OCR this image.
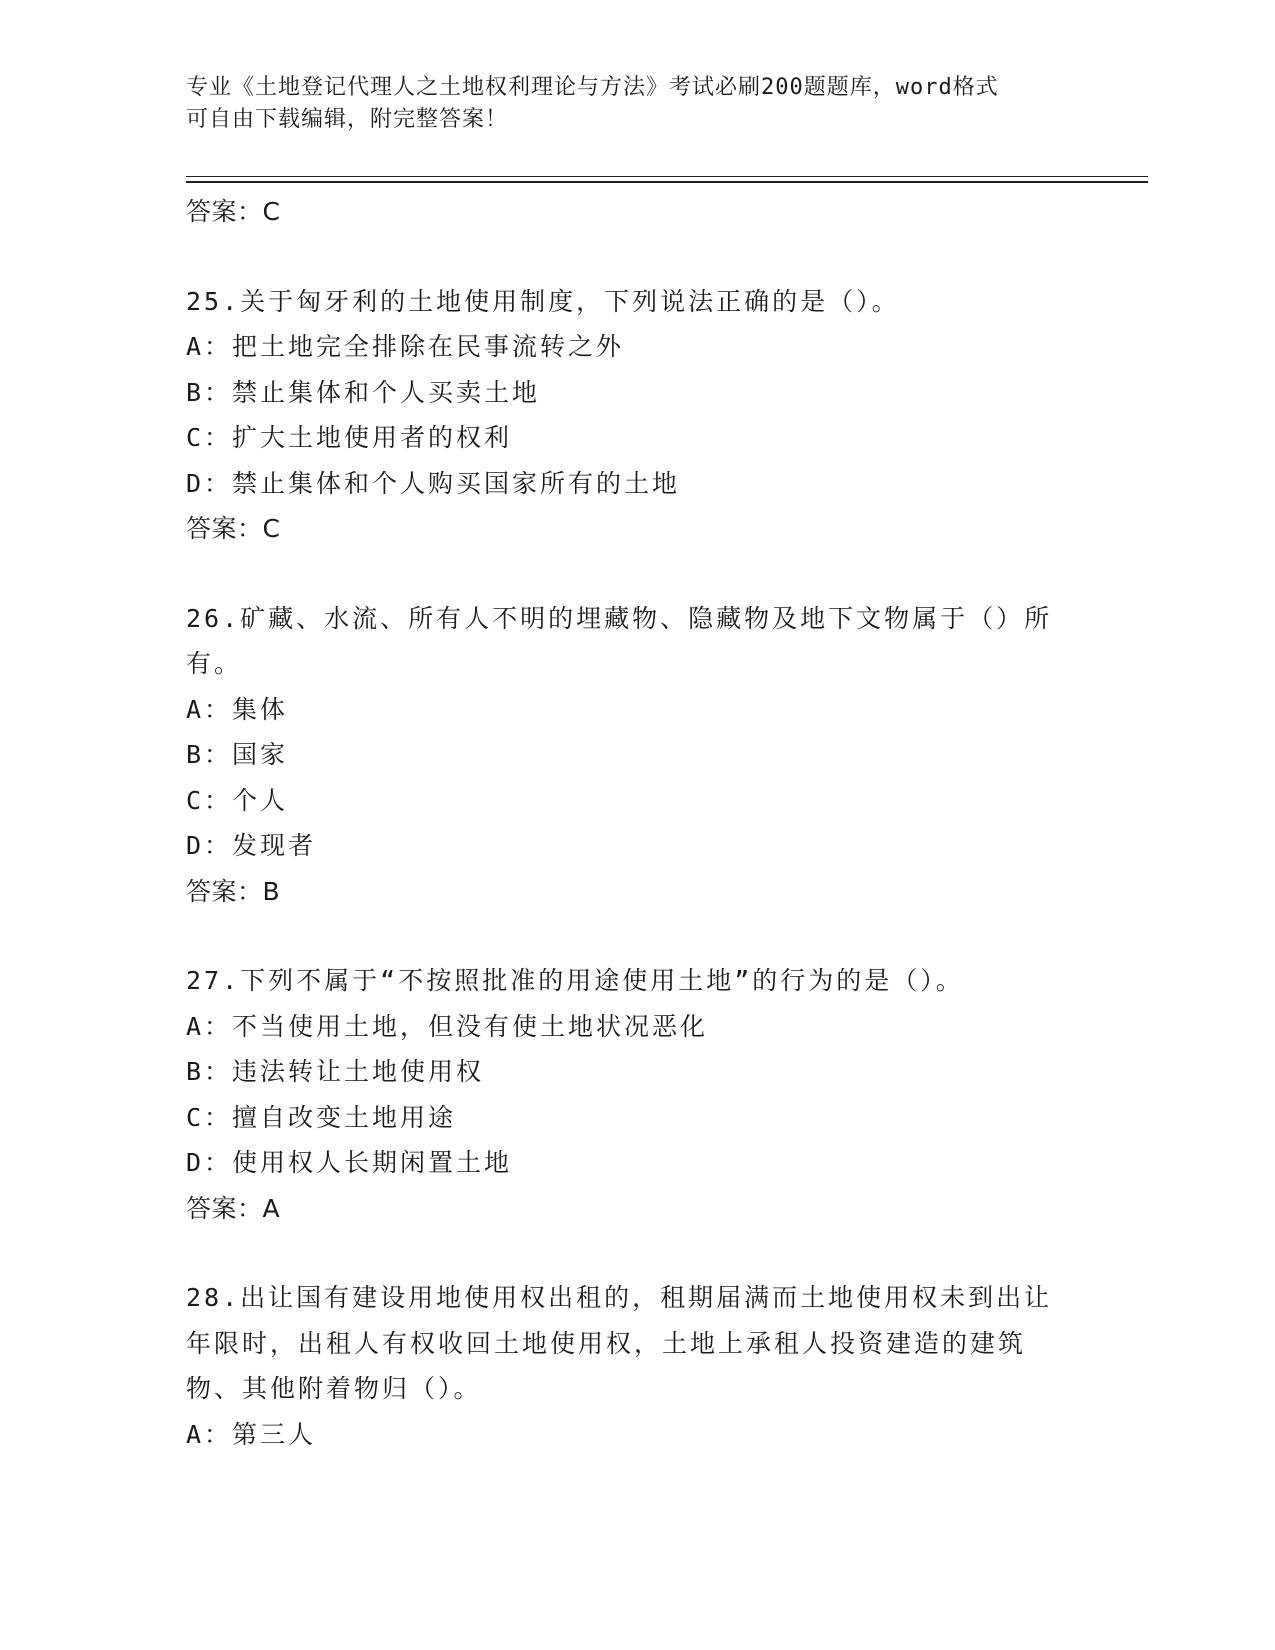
专业《土地登记代理人之土地权利理论与方法》考试必刷200题题库，word格式
可自由下载编辑，附完整答案！
答案：C
25.关于匈牙利的土地使用制度，下列说法正确的是（）。
A：把土地完全排除在民事流转之外
B：禁止集体和个人买卖土地
C：扩大土地使用者的权利
D：禁止集体和个人购买国家所有的土地
答案：C
26.矿藏、水流、所有人不明的埋藏物、隐藏物及地下文物属于（）所
有。
A：集体
B：国家
C：个人
D：发现者
答案：B
27.下列不属于“不按照批准的用途使用土地”的行为的是（）。
A：不当使用土地，但没有使土地状况恶化
B：违法转让土地使用权
C：擅自改变土地用途
D：使用权人长期闲置土地
答案：A
28.出让国有建设用地使用权出租的，租期届满而土地使用权未到出让
年限时，出租人有权收回土地使用权，土地上承租人投资建造的建筑
物、其他附着物归（）。
A：第三人
